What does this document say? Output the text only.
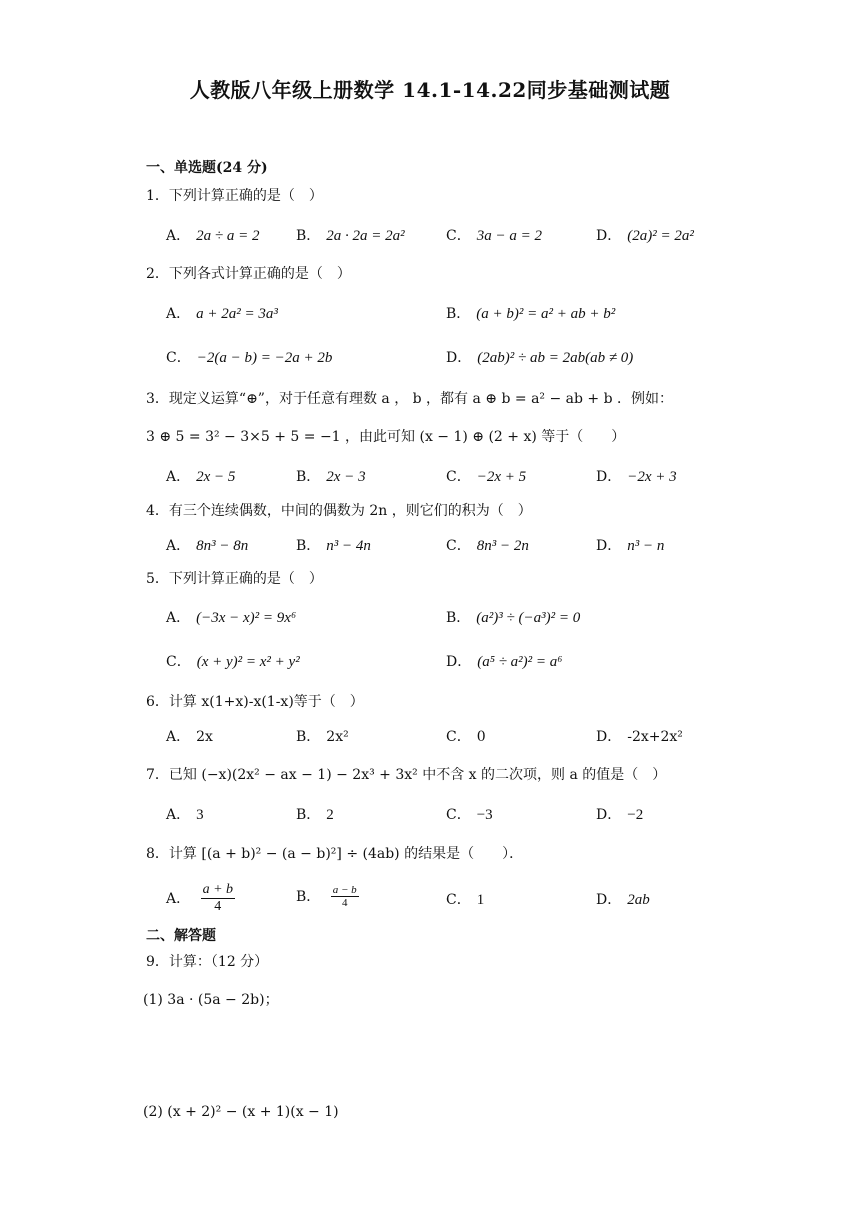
人教版八年级上册数学 14.1-14.22同步基础测试题
一、单选题(24 分)
1．下列计算正确的是（　）
A． 2a ÷ a = 2	B． 2a · 2a = 2a²	C． 3a − a = 2	D． (2a)² = 2a²
2．下列各式计算正确的是（　）
A． a + 2a² = 3a³	B． (a + b)² = a² + ab + b²
C． −2(a − b) = −2a + 2b	D． (2ab)² ÷ ab = 2ab(ab ≠ 0)
3．现定义运算“⊕”，对于任意有理数 a ， b ，都有 a ⊕ b = a² − ab + b ．例如：
3 ⊕ 5 = 3² − 3×5 + 5 = −1 ，由此可知 (x − 1) ⊕ (2 + x) 等于（　　）
A． 2x − 5	B． 2x − 3	C． −2x + 5	D． −2x + 3
4．有三个连续偶数，中间的偶数为 2n ，则它们的积为（　）
A． 8n³ − 8n	B． n³ − 4n	C． 8n³ − 2n	D． n³ − n
5．下列计算正确的是（　）
A． (−3x − x)² = 9x⁶	B． (a²)³ ÷ (−a³)² = 0
C． (x + y)² = x² + y²	D． (a⁵ ÷ a²)² = a⁶
6．计算 x(1+x)-x(1-x)等于（　）
A． 2x	B． 2x²	C． 0	D． -2x+2x²
7．已知 (−x)(2x² − ax − 1) − 2x³ + 3x² 中不含 x 的二次项，则 a 的值是（　）
A． 3	B． 2	C． −3	D． −2
8．计算 [(a + b)² − (a − b)²] ÷ (4ab) 的结果是（　　）．
A． $\frac{a + b}{4}$	B． $\frac{a - b}{4}$	C． 1	D． 2ab
二、解答题
9．计算：（12 分）
(1) 3a · (5a − 2b)；
(2) (x + 2)² − (x + 1)(x − 1)
